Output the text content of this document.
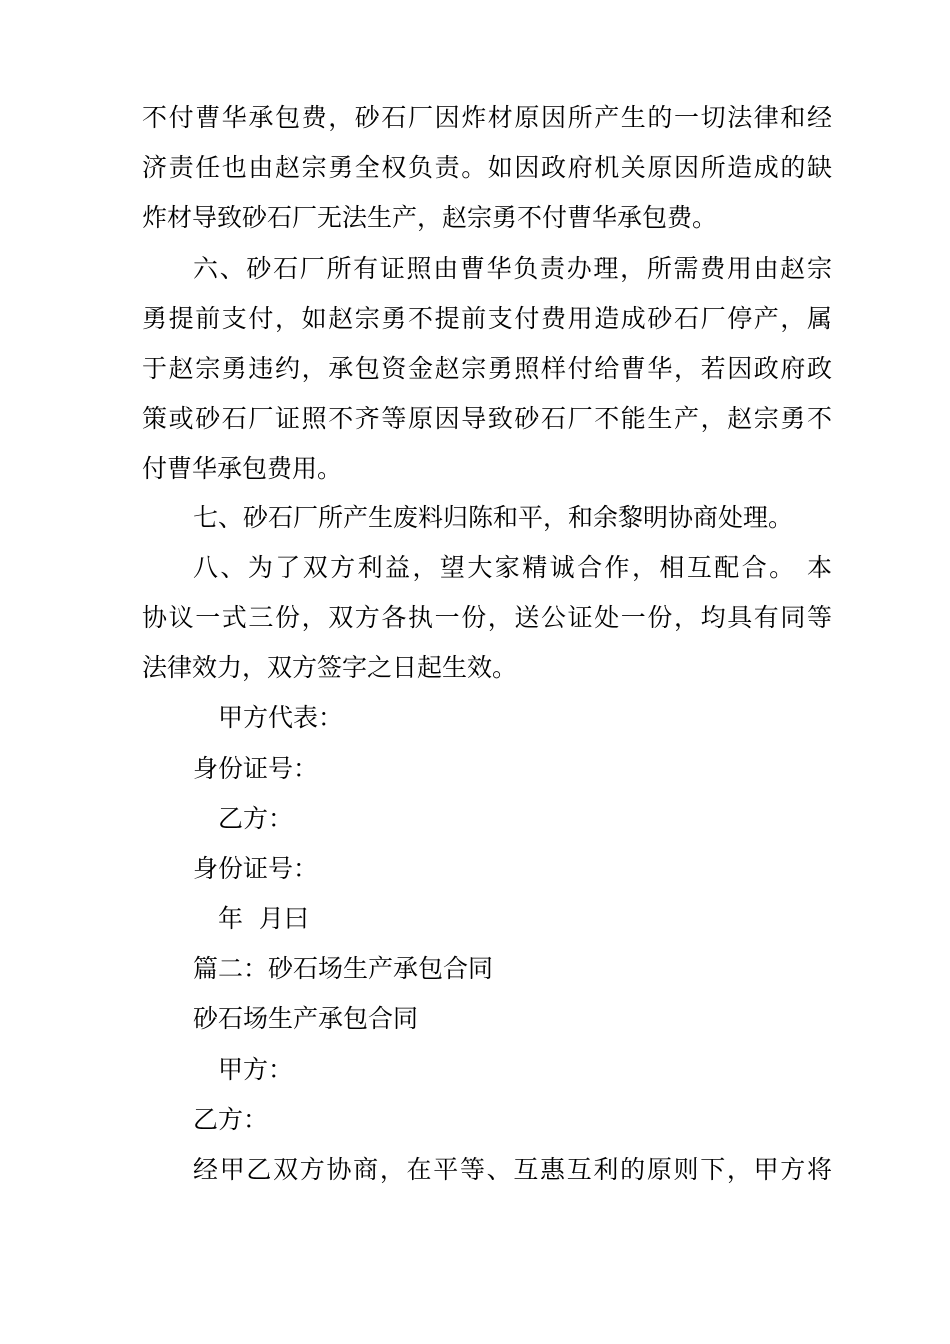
不付曹华承包费，砂石厂因炸材原因所产生的一切法律和经
济责任也由赵宗勇全权负责。如因政府机关原因所造成的缺
炸材导致砂石厂无法生产，赵宗勇不付曹华承包费。
六、砂石厂所有证照由曹华负责办理，所需费用由赵宗
勇提前支付，如赵宗勇不提前支付费用造成砂石厂停产，属
于赵宗勇违约，承包资金赵宗勇照样付给曹华，若因政府政
策或砂石厂证照不齐等原因导致砂石厂不能生产，赵宗勇不
付曹华承包费用。
七、砂石厂所产生废料归陈和平，和余黎明协商处理。
八、为了双方利益，望大家精诚合作，相互配合。 本
协议一式三份，双方各执一份，送公证处一份，均具有同等
法律效力，双方签字之日起生效。
甲方代表：
身份证号：
乙方：
身份证号：
年  月曰
篇二：砂石场生产承包合同
砂石场生产承包合同
甲方：
乙方：
经甲乙双方协商，在平等、互惠互利的原则下，甲方将
